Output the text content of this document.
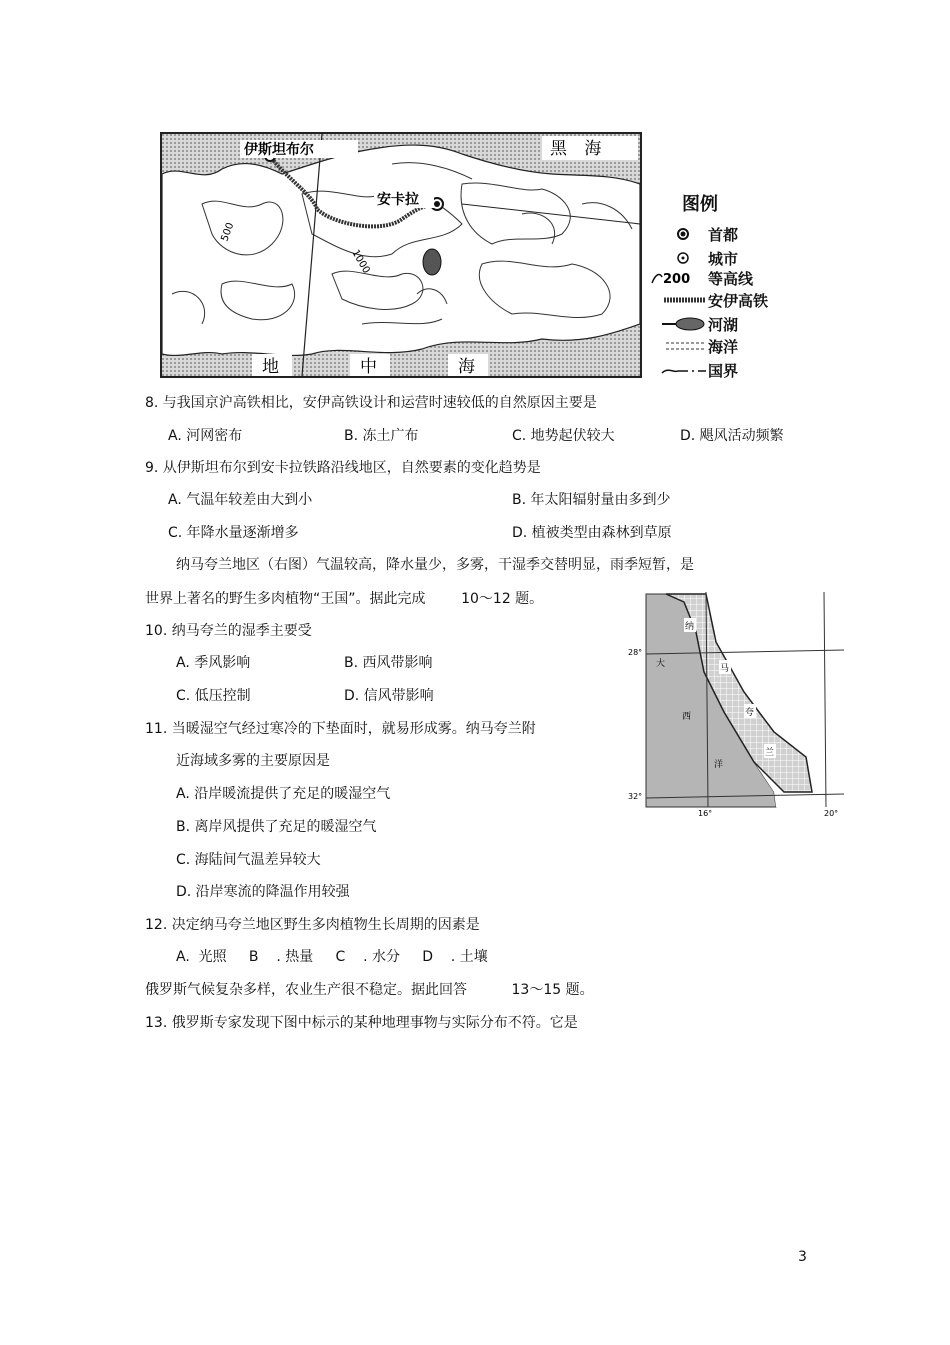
伊斯坦布尔
安卡拉
黑 海
地	中	海
500
1000
图例
首都
城市
200 等高线
安伊高铁
河湖
海洋
国界
8. 与我国京沪高铁相比，安伊高铁设计和运营时速较低的自然原因主要是
A. 河网密布	B. 冻土广布	C. 地势起伏较大	D. 飓风活动频繁
9. 从伊斯坦布尔到安卡拉铁路沿线地区，自然要素的变化趋势是
A. 气温年较差由大到小	B. 年太阳辐射量由多到少
C. 年降水量逐渐增多	D. 植被类型由森林到草原
纳马夸兰地区（右图）气温较高，降水量少，多雾，干湿季交替明显，雨季短暂，是
世界上著名的野生多肉植物“王国”。据此完成        10～12 题。
10. 纳马夸兰的湿季主要受
A. 季风影响	B. 西风带影响
C. 低压控制	D. 信风带影响
11. 当暖湿空气经过寒冷的下垫面时，就易形成雾。纳马夸兰附
近海域多雾的主要原因是
A. 沿岸暖流提供了充足的暖湿空气
B. 离岸风提供了充足的暖湿空气
C. 海陆间气温差异较大
D. 沿岸寒流的降温作用较强
12. 决定纳马夸兰地区野生多肉植物生长周期的因素是
A.  光照     B    . 热量     C    . 水分     D    . 土壤
俄罗斯气候复杂多样，农业生产很不稳定。据此回答          13～15 题。
13. 俄罗斯专家发现下图中标示的某种地理事物与实际分布不符。它是
纳
马
夸
兰
大
西
洋
28°
32°
16°	20°
3
